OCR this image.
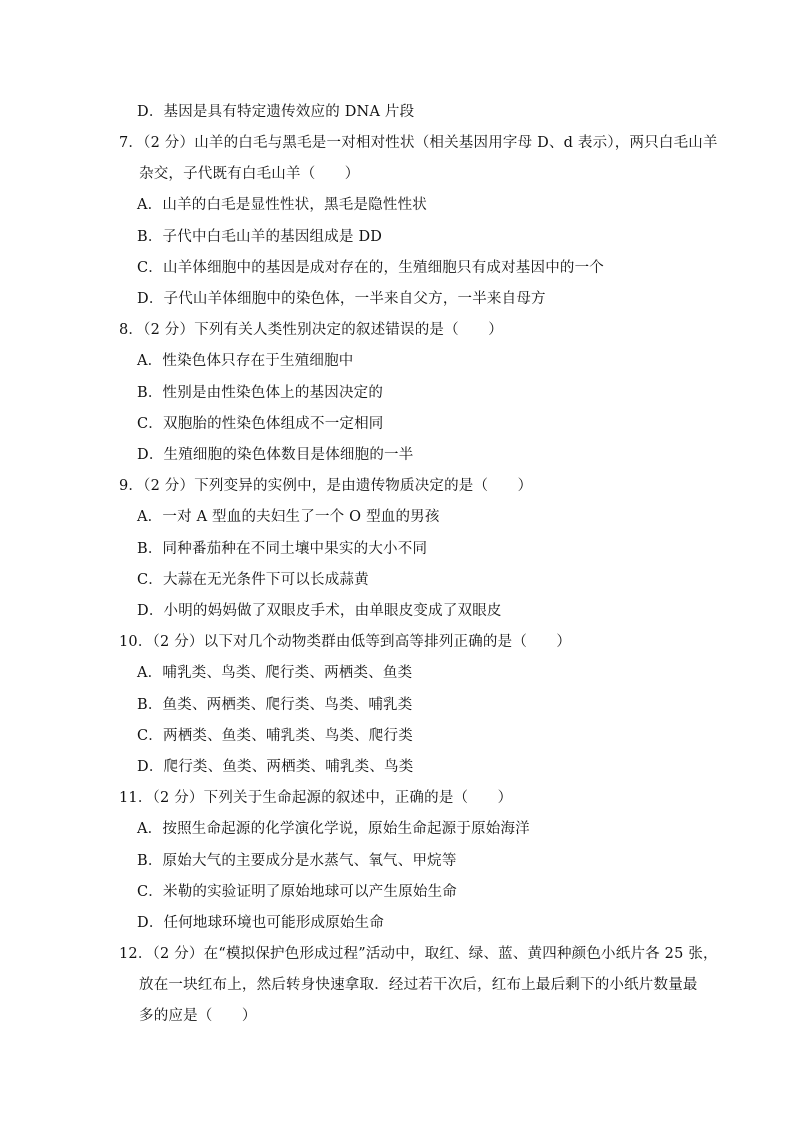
D．基因是具有特定遗传效应的 DNA 片段
7．（2 分）山羊的白毛与黑毛是一对相对性状（相关基因用字母 D、d 表示），两只白毛山羊
杂交，子代既有白毛山羊（　　）
A．山羊的白毛是显性性状，黑毛是隐性性状
B．子代中白毛山羊的基因组成是 DD
C．山羊体细胞中的基因是成对存在的，生殖细胞只有成对基因中的一个
D．子代山羊体细胞中的染色体，一半来自父方，一半来自母方
8．（2 分）下列有关人类性别决定的叙述错误的是（　　）
A．性染色体只存在于生殖细胞中
B．性别是由性染色体上的基因决定的
C．双胞胎的性染色体组成不一定相同
D．生殖细胞的染色体数目是体细胞的一半
9．（2 分）下列变异的实例中，是由遗传物质决定的是（　　）
A．一对 A 型血的夫妇生了一个 O 型血的男孩
B．同种番茄种在不同土壤中果实的大小不同
C．大蒜在无光条件下可以长成蒜黄
D．小明的妈妈做了双眼皮手术，由单眼皮变成了双眼皮
10．（2 分）以下对几个动物类群由低等到高等排列正确的是（　　）
A．哺乳类、鸟类、爬行类、两栖类、鱼类
B．鱼类、两栖类、爬行类、鸟类、哺乳类
C．两栖类、鱼类、哺乳类、鸟类、爬行类
D．爬行类、鱼类、两栖类、哺乳类、鸟类
11．（2 分）下列关于生命起源的叙述中，正确的是（　　）
A．按照生命起源的化学演化学说，原始生命起源于原始海洋
B．原始大气的主要成分是水蒸气、氧气、甲烷等
C．米勒的实验证明了原始地球可以产生原始生命
D．任何地球环境也可能形成原始生命
12．（2 分）在“模拟保护色形成过程”活动中，取红、绿、蓝、黄四种颜色小纸片各 25 张，
放在一块红布上，然后转身快速拿取．经过若干次后，红布上最后剩下的小纸片数量最
多的应是（　　）
